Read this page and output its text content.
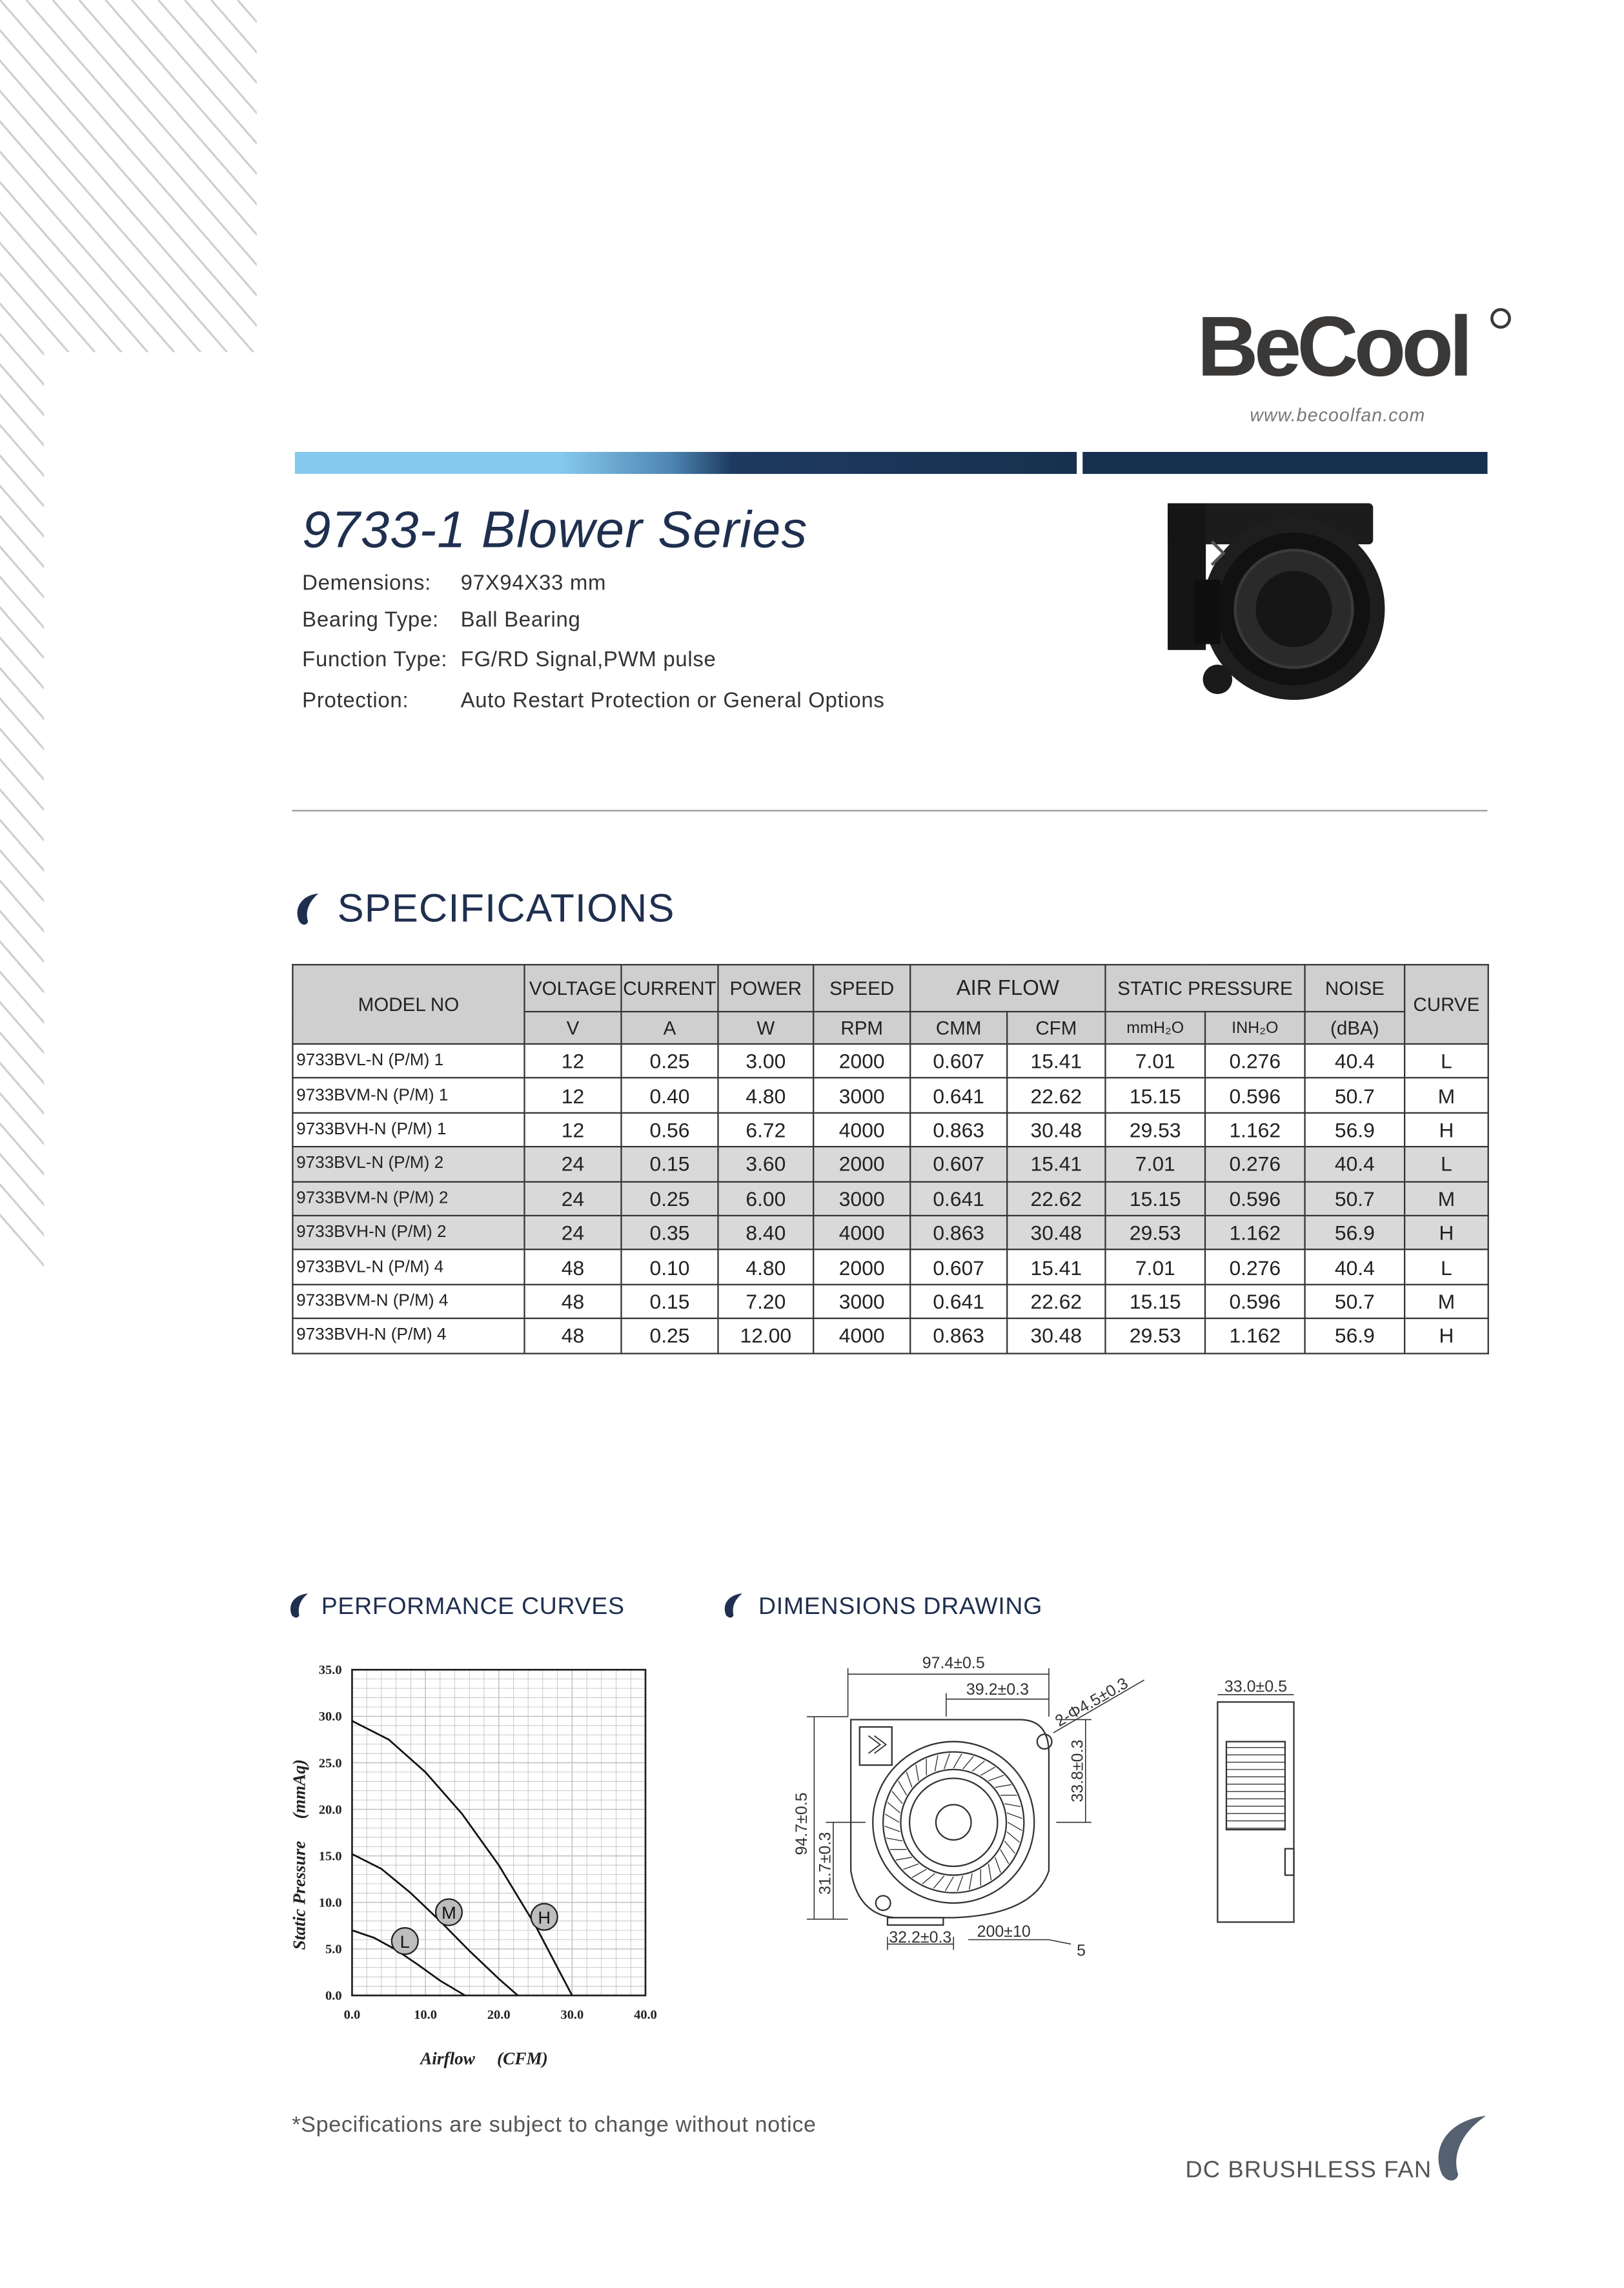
BeCool
www.becoolfan.com
9733-1 Blower Series
Demensions:	97X94X33 mm
Bearing Type: Ball Bearing
Function Type: FG/RD Signal,PWM pulse
Protection:	Auto Restart Protection or General Options
SPECIFICATIONS
MODEL NO	VOLTAGE	CURRENT	POWER	SPEED	AIR FLOW		STATIC PRESSURE		NOISE	CURVE
	V	A	W	RPM	CMM	CFM	mmH₂O	INH₂O	(dBA)	
9733BVL-N (P/M) 1	12	0.25	3.00	2000	0.607	15.41	7.01	0.276	40.4	L
9733BVM-N (P/M) 1	12	0.40	4.80	3000	0.641	22.62	15.15	0.596	50.7	M
9733BVH-N (P/M) 1	12	0.56	6.72	4000	0.863	30.48	29.53	1.162	56.9	H
9733BVL-N (P/M) 2	24	0.15	3.60	2000	0.607	15.41	7.01	0.276	40.4	L
9733BVM-N (P/M) 2	24	0.25	6.00	3000	0.641	22.62	15.15	0.596	50.7	M
9733BVH-N (P/M) 2	24	0.35	8.40	4000	0.863	30.48	29.53	1.162	56.9	H
9733BVL-N (P/M) 4	48	0.10	4.80	2000	0.607	15.41	7.01	0.276	40.4	L
9733BVM-N (P/M) 4	48	0.15	7.20	3000	0.641	22.62	15.15	0.596	50.7	M
9733BVH-N (P/M) 4	48	0.25	12.00	4000	0.863	30.48	29.53	1.162	56.9	H
PERFORMANCE CURVES
H
M
L
0.0	10.0	20.0	30.0	40.0
0.0
5.0
10.0
15.0
20.0
25.0
30.0
35.0
Airflow     (CFM)
Static Pressure     (mmAq)
DIMENSIONS DRAWING
97.4±0.5
39.2±0.3	2-Φ4.5±0.3
94.7±0.5
31.7±0.3
33.8±0.3
32.2±0.3	200±10
5
33.0±0.5
*Specifications are subject to change without notice
DC BRUSHLESS FAN
